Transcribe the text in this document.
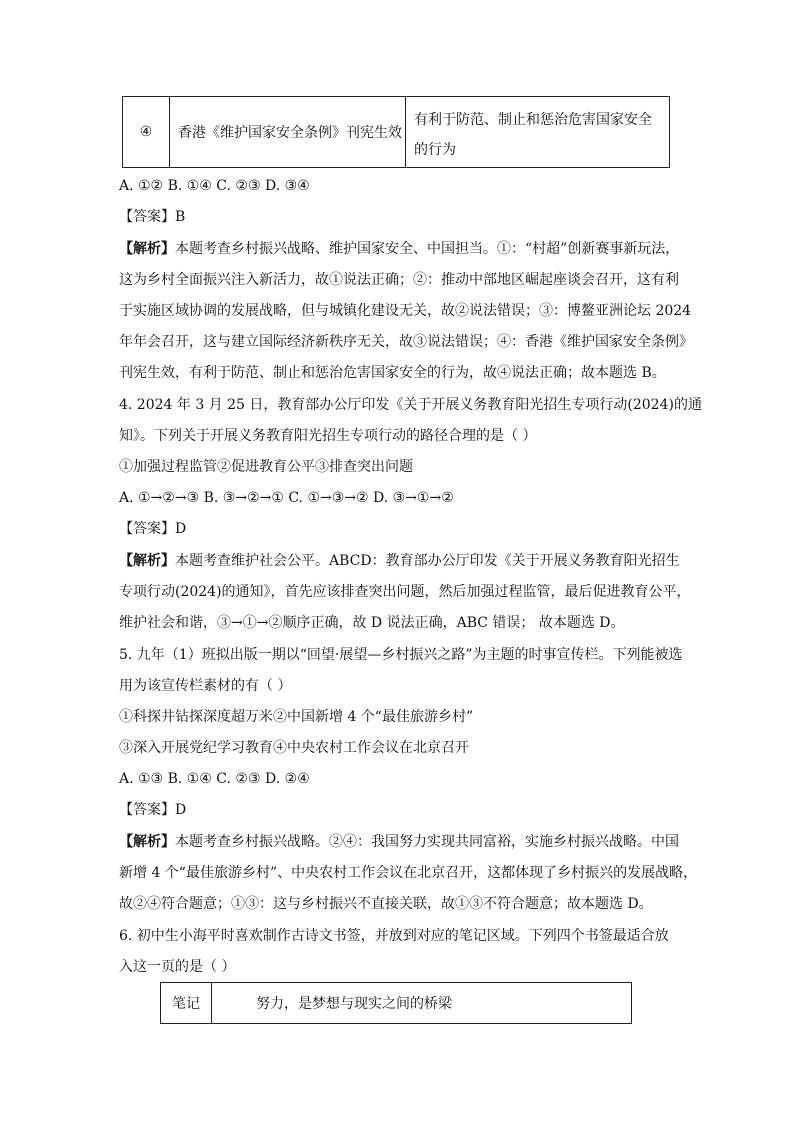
④	香港《维护国家安全条例》刊宪生效
有利于防范、制止和惩治危害国家安全的行为
A. ①② B. ①④ C. ②③ D. ③④
【答案】B
【解析】本题考查乡村振兴战略、维护国家安全、中国担当。①：“村超”创新赛事新玩法，
这为乡村全面振兴注入新活力，故①说法正确；②：推动中部地区崛起座谈会召开，这有利
于实施区域协调的发展战略，但与城镇化建设无关，故②说法错误；③：博鳌亚洲论坛 2024
年年会召开，这与建立国际经济新秩序无关，故③说法错误；④：香港《维护国家安全条例》
刊宪生效，有利于防范、制止和惩治危害国家安全的行为，故④说法正确；故本题选 B。
4. 2024 年 3 月 25 日，教育部办公厅印发《关于开展义务教育阳光招生专项行动(2024)的通
知》。下列关于开展义务教育阳光招生专项行动的路径合理的是（ ）
①加强过程监管②促进教育公平③排查突出问题
A. ①→②→③ B. ③→②→① C. ①→③→② D. ③→①→②
【答案】D
【解析】本题考查维护社会公平。ABCD：教育部办公厅印发《关于开展义务教育阳光招生
专项行动(2024)的通知》，首先应该排查突出问题，然后加强过程监管，最后促进教育公平，
维护社会和谐，③→①→②顺序正确，故 D 说法正确，ABC 错误； 故本题选 D。
5. 九年（1）班拟出版一期以“回望·展望—乡村振兴之路”为主题的时事宣传栏。下列能被选
用为该宣传栏素材的有（ ）
①科探井钻探深度超万米②中国新增 4 个“最佳旅游乡村”
③深入开展党纪学习教育④中央农村工作会议在北京召开
A. ①③ B. ①④ C. ②③ D. ②④
【答案】D
【解析】本题考查乡村振兴战略。②④：我国努力实现共同富裕，实施乡村振兴战略。中国
新增 4 个“最佳旅游乡村”、中央农村工作会议在北京召开，这都体现了乡村振兴的发展战略，
故②④符合题意；①③：这与乡村振兴不直接关联，故①③不符合题意；故本题选 D。
6. 初中生小海平时喜欢制作古诗文书签，并放到对应的笔记区域。下列四个书签最适合放
入这一页的是（ ）
笔记	努力，是梦想与现实之间的桥梁
